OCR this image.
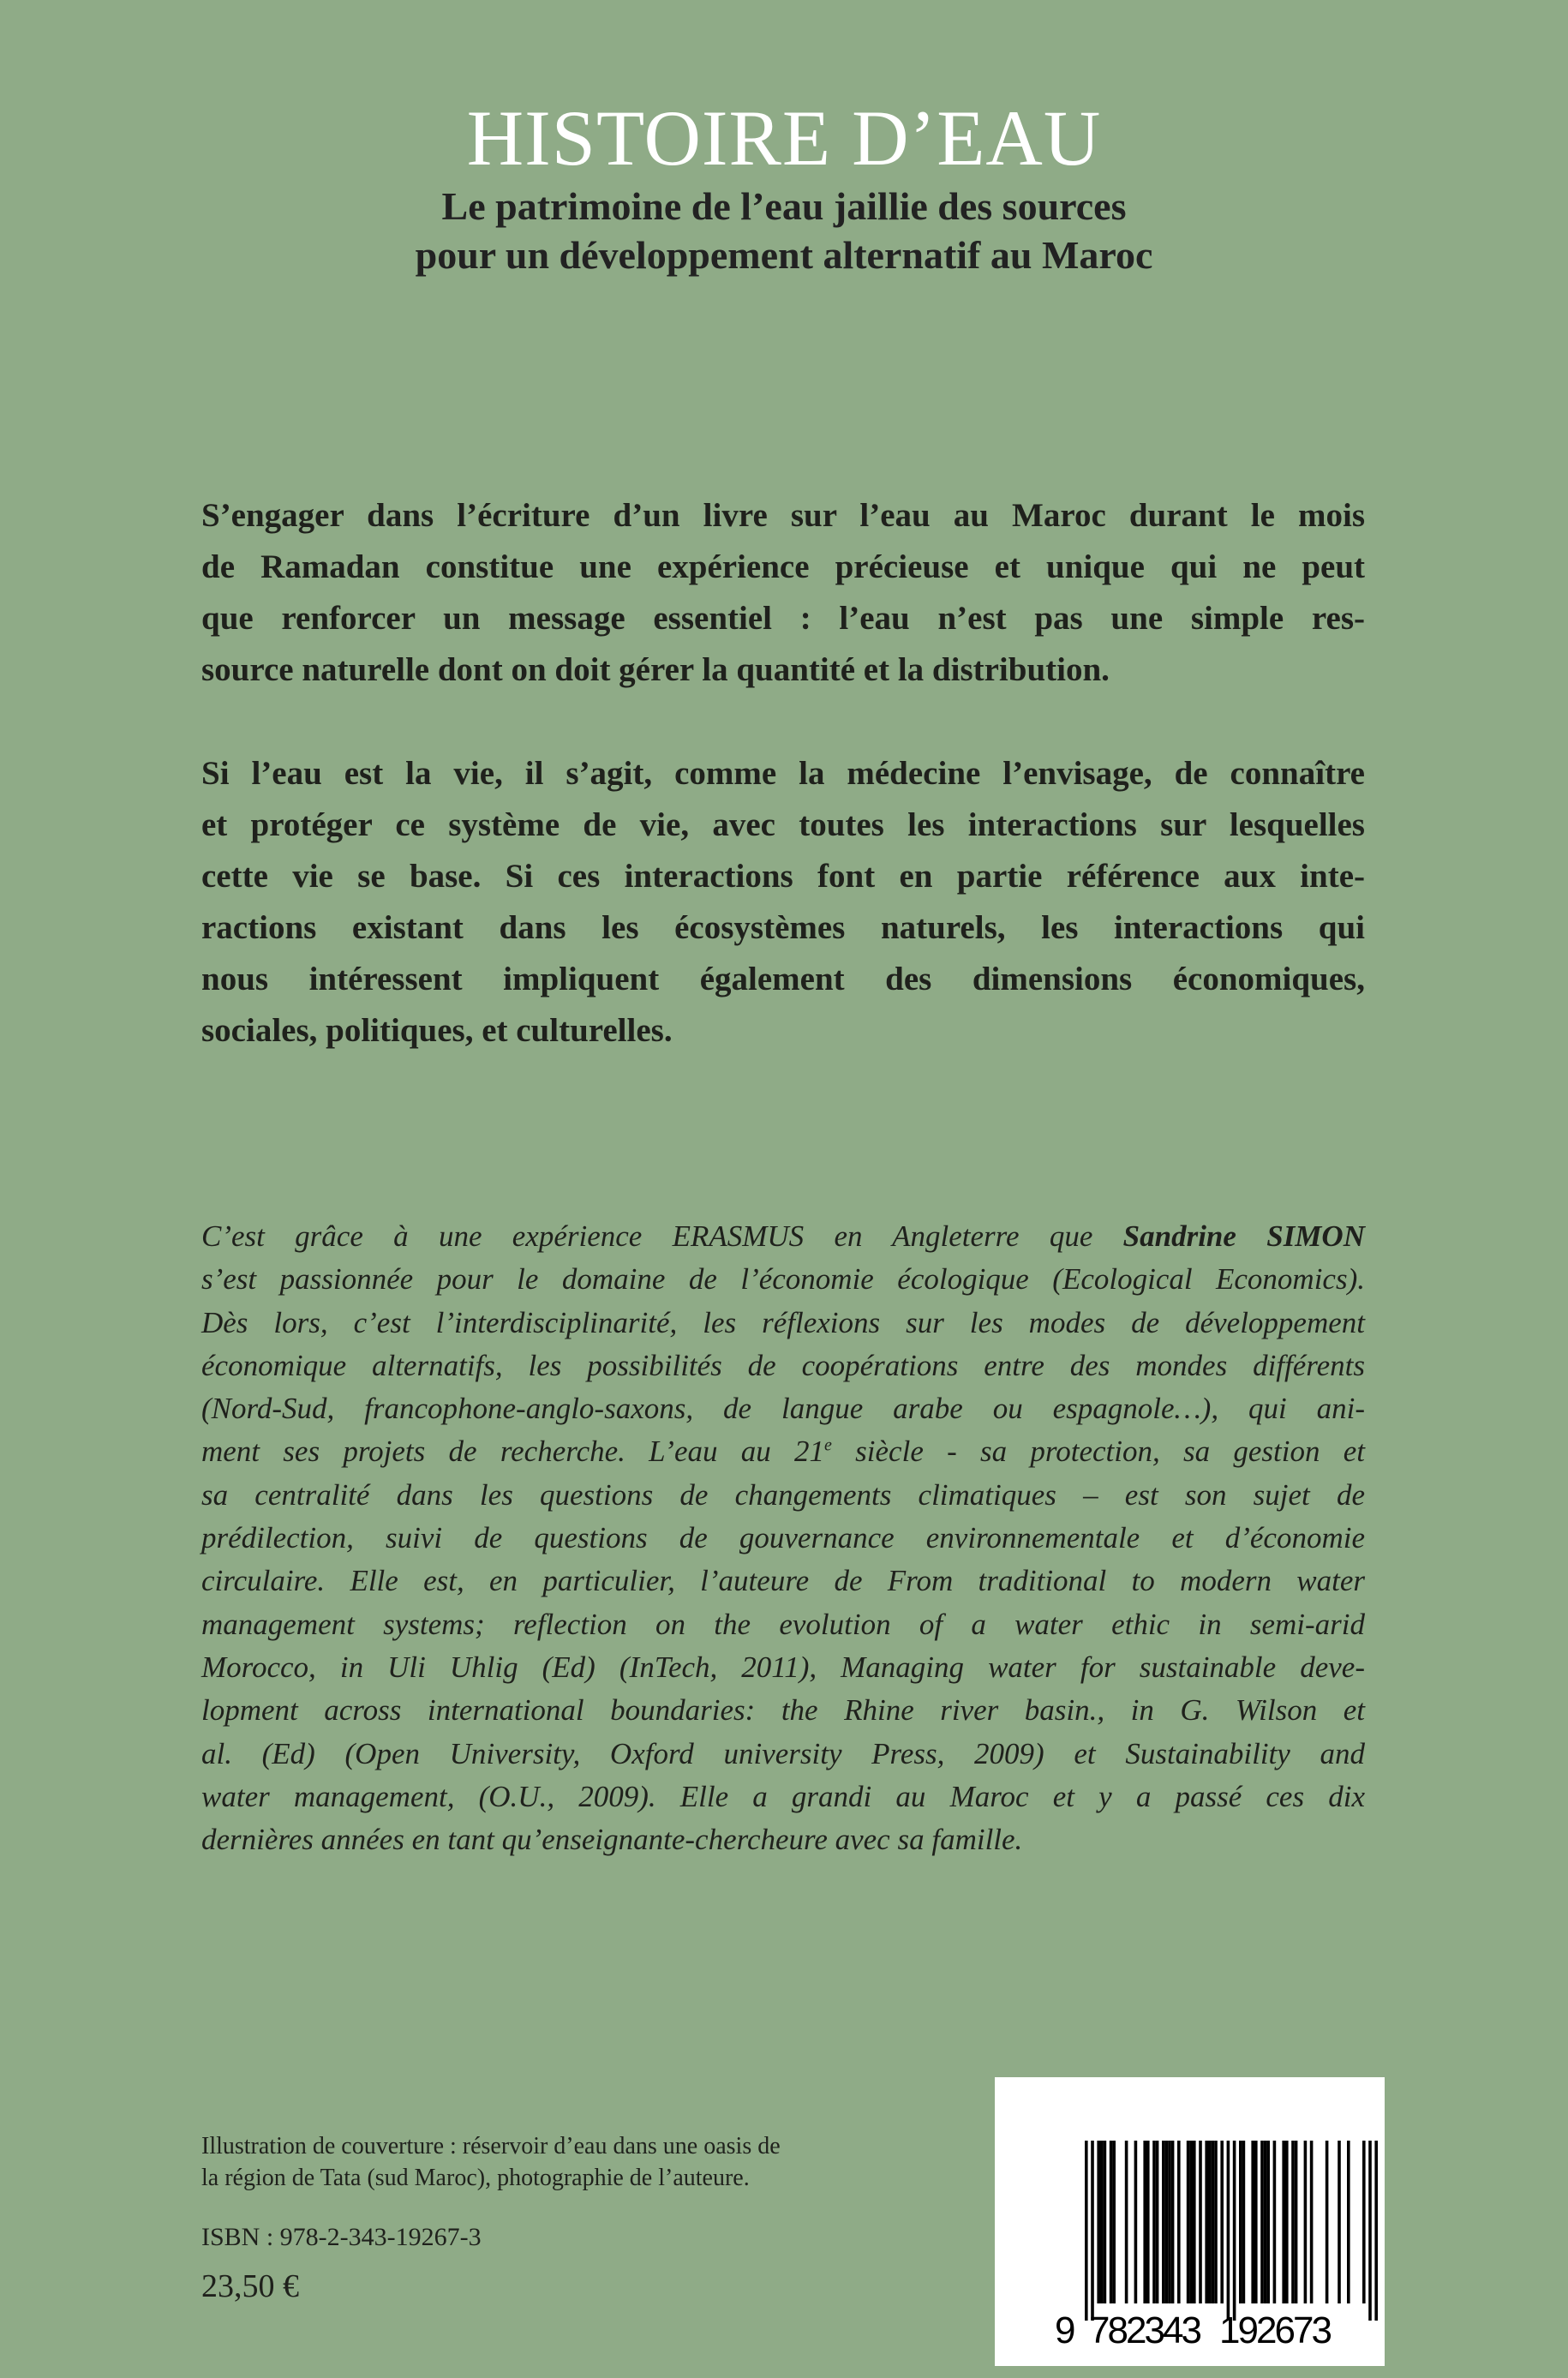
HISTOIRE D’EAU
Le patrimoine de l’eau jaillie des sources
pour un développement alternatif au Maroc
S’engager dans l’écriture d’un livre sur l’eau au Maroc durant le mois
de Ramadan constitue une expérience précieuse et unique qui ne peut
que renforcer un message essentiel : l’eau n’est pas une simple res-
source naturelle dont on doit gérer la quantité et la distribution.
Si l’eau est la vie, il s’agit, comme la médecine l’envisage, de connaître
et protéger ce système de vie, avec toutes les interactions sur lesquelles
cette vie se base. Si ces interactions font en partie référence aux inte-
ractions existant dans les écosystèmes naturels, les interactions qui
nous intéressent impliquent également des dimensions économiques,
sociales, politiques, et culturelles.
C’est grâce à une expérience ERASMUS en Angleterre que Sandrine SIMON
s’est passionnée pour le domaine de l’économie écologique (Ecological Economics).
Dès lors, c’est l’interdisciplinarité, les réflexions sur les modes de développement
économique alternatifs, les possibilités de coopérations entre des mondes différents
(Nord-Sud, francophone-anglo-saxons, de langue arabe ou espagnole…), qui ani-
ment ses projets de recherche. L’eau au 21e siècle - sa protection, sa gestion et
sa centralité dans les questions de changements climatiques – est son sujet de
prédilection, suivi de questions de gouvernance environnementale et d’économie
circulaire. Elle est, en particulier, l’auteure de From traditional to modern water
management systems; reflection on the evolution of a water ethic in semi-arid
Morocco, in Uli Uhlig (Ed) (InTech, 2011), Managing water for sustainable deve-
lopment across international boundaries: the Rhine river basin., in G. Wilson et
al. (Ed) (Open University, Oxford university Press, 2009) et Sustainability and
water management, (O.U., 2009). Elle a grandi au Maroc et y a passé ces dix
dernières années en tant qu’enseignante-chercheure avec sa famille.
Illustration de couverture : réservoir d’eau dans une oasis de
la région de Tata (sud Maroc), photographie de l’auteure.
ISBN : 978-2-343-19267-3
23,50 €
9 782343 192673
